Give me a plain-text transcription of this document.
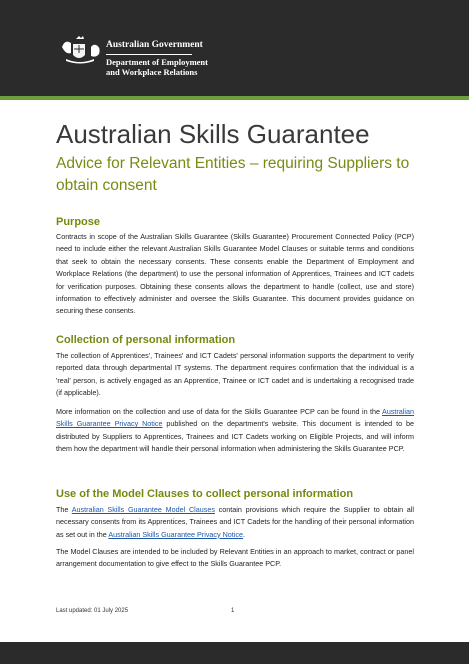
Australian Government
Department of Employment
and Workplace Relations
Australian Skills Guarantee
Advice for Relevant Entities – requiring Suppliers to obtain consent
Purpose
Contracts in scope of the Australian Skills Guarantee (Skills Guarantee) Procurement Connected Policy (PCP) need to include either the relevant Australian Skills Guarantee Model Clauses or suitable terms and conditions that seek to obtain the necessary consents. These consents enable the Department of Employment and Workplace Relations (the department) to use the personal information of Apprentices, Trainees and ICT cadets for verification purposes. Obtaining these consents allows the department to handle (collect, use and store) information to effectively administer and oversee the Skills Guarantee. This document provides guidance on securing these consents.
Collection of personal information
The collection of Apprentices', Trainees' and ICT Cadets' personal information supports the department to verify reported data through departmental IT systems. The department requires confirmation that the individual is a 'real' person, is actively engaged as an Apprentice, Trainee or ICT cadet and is undertaking a recognised trade (if applicable).
More information on the collection and use of data for the Skills Guarantee PCP can be found in the Australian Skills Guarantee Privacy Notice published on the department's website. This document is intended to be distributed by Suppliers to Apprentices, Trainees and ICT Cadets working on Eligible Projects, and will inform them how the department will handle their personal information when administering the Skills Guarantee PCP.
Use of the Model Clauses to collect personal information
The Australian Skills Guarantee Model Clauses contain provisions which require the Supplier to obtain all necessary consents from its Apprentices, Trainees and ICT Cadets for the handling of their personal information as set out in the Australian Skills Guarantee Privacy Notice.
The Model Clauses are intended to be included by Relevant Entities in an approach to market, contract or panel arrangement documentation to give effect to the Skills Guarantee PCP.
Last updated: 01 July 2025	1
